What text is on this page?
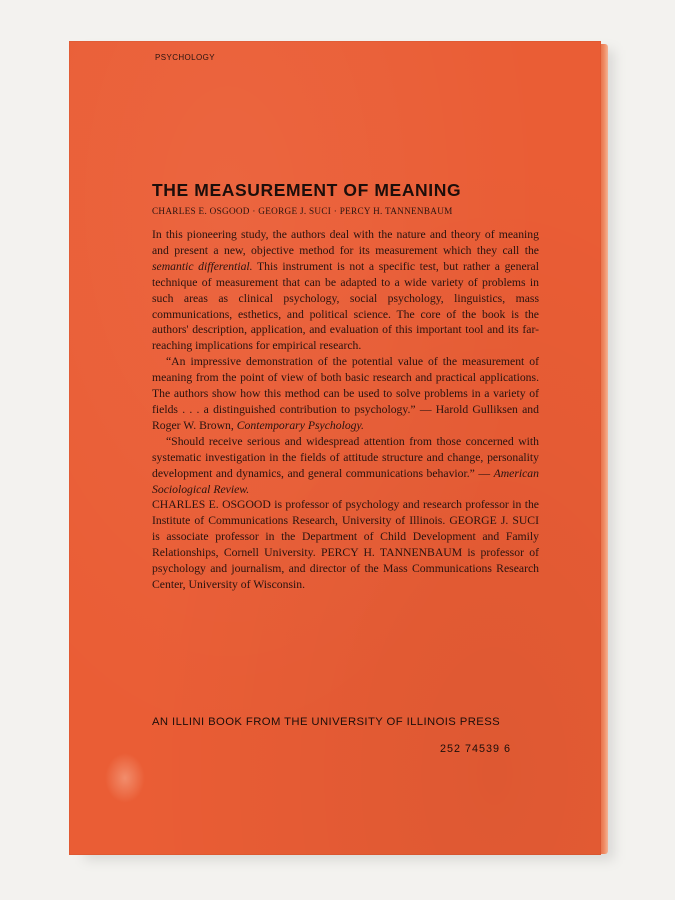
PSYCHOLOGY
THE MEASUREMENT OF MEANING
CHARLES E. OSGOOD · GEORGE J. SUCI · PERCY H. TANNENBAUM

In this pioneering study, the authors deal with the nature and theory of meaning and present a new, objective method for its measurement which they call the semantic differential. This instrument is not a specific test, but rather a general technique of measurement that can be adapted to a wide variety of problems in such areas as clinical psychology, social psychology, linguistics, mass communications, esthetics, and political science. The core of the book is the authors' description, application, and evaluation of this important tool and its far-reaching implications for empirical research.

“An impressive demonstration of the potential value of the measurement of meaning from the point of view of both basic research and practical applications. The authors show how this method can be used to solve problems in a variety of fields . . . a distinguished contribution to psychology.” — Harold Gulliksen and Roger W. Brown, Contemporary Psychology.

“Should receive serious and widespread attention from those concerned with systematic investigation in the fields of attitude structure and change, personality development and dynamics, and general communications behavior.” — American Sociological Review.

CHARLES E. OSGOOD is professor of psychology and research professor in the Institute of Communications Research, University of Illinois. GEORGE J. SUCI is associate professor in the Department of Child Development and Family Relationships, Cornell University. PERCY H. TANNENBAUM is professor of psychology and journalism, and director of the Mass Communications Research Center, University of Wisconsin.

AN ILLINI BOOK FROM THE UNIVERSITY OF ILLINOIS PRESS
252 74539 6
